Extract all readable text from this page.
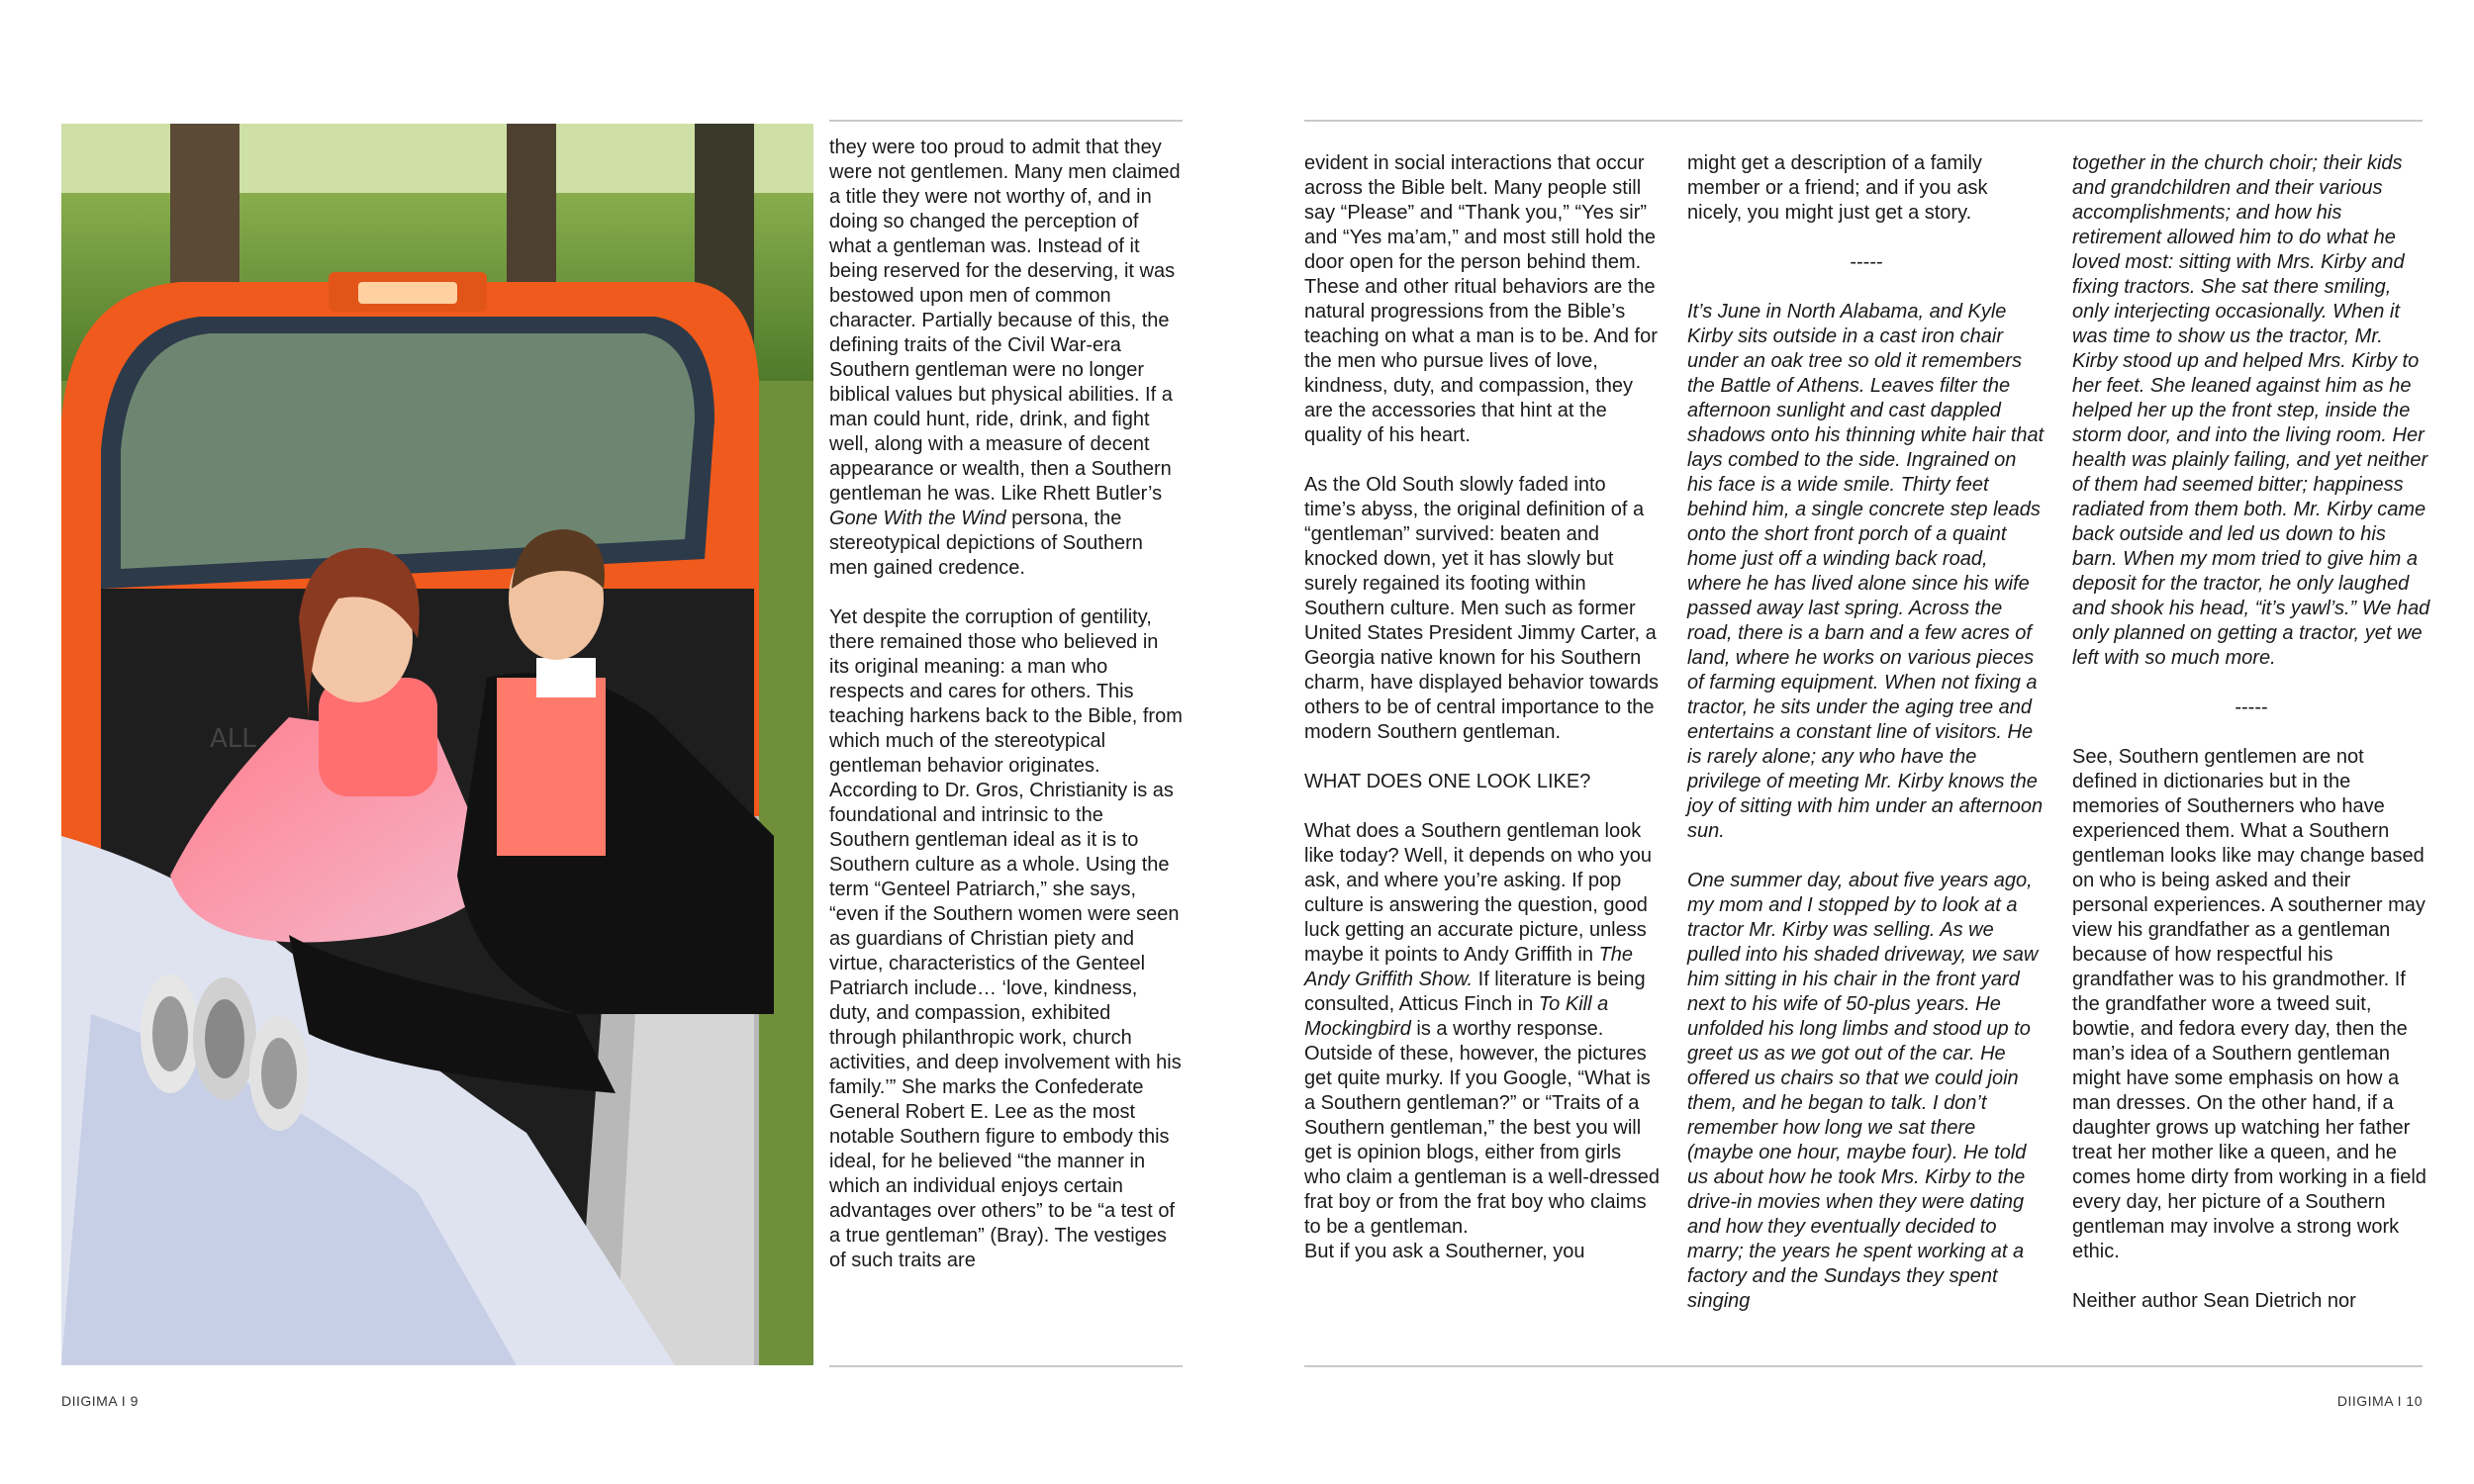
ALL

they were too proud to admit that they were not gentlemen. Many men claimed a title they were not worthy of, and in doing so changed the perception of what a gentleman was. Instead of it being reserved for the deserving, it was bestowed upon men of common character. Partially because of this, the defining traits of the Civil War-era Southern gentleman were no longer biblical values but physical abilities. If a man could hunt, ride, drink, and fight well, along with a measure of decent appearance or wealth, then a Southern gentleman he was. Like Rhett Butler’s Gone With the Wind persona, the stereotypical depictions of Southern men gained credence.

Yet despite the corruption of gentility, there remained those who believed in its original meaning: a man who respects and cares for others. This teaching harkens back to the Bible, from which much of the stereotypical gentleman behavior originates. According to Dr. Gros, Christianity is as foundational and intrinsic to the Southern gentleman ideal as it is to Southern culture as a whole. Using the term “Genteel Patriarch,” she says, “even if the Southern women were seen as guardians of Christian piety and virtue, characteristics of the Genteel Patriarch include… ‘love, kindness, duty, and compassion, exhibited through philanthropic work, church activities, and deep involvement with his family.’” She marks the Confederate General Robert E. Lee as the most notable Southern figure to embody this ideal, for he believed “the manner in which an individual enjoys certain advantages over others” to be “a test of a true gentleman” (Bray). The vestiges of such traits are

evident in social interactions that occur across the Bible belt. Many people still say “Please” and “Thank you,” “Yes sir” and “Yes ma’am,” and most still hold the door open for the person behind them. These and other ritual behaviors are the natural progressions from the Bible’s teaching on what a man is to be. And for the men who pursue lives of love, kindness, duty, and compassion, they are the accessories that hint at the quality of his heart.

As the Old South slowly faded into time’s abyss, the original definition of a “gentleman” survived: beaten and knocked down, yet it has slowly but surely regained its footing within Southern culture. Men such as former United States President Jimmy Carter, a Georgia native known for his Southern charm, have displayed behavior towards others to be of central importance to the modern Southern gentleman.

WHAT DOES ONE LOOK LIKE?

What does a Southern gentleman look like today? Well, it depends on who you ask, and where you’re asking. If pop culture is answering the question, good luck getting an accurate picture, unless maybe it points to Andy Griffith in The Andy Griffith Show. If literature is being consulted, Atticus Finch in To Kill a Mockingbird is a worthy response. Outside of these, however, the pictures get quite murky. If you Google, “What is a Southern gentleman?” or “Traits of a Southern gentleman,” the best you will get is opinion blogs, either from girls who claim a gentleman is a well-dressed frat boy or from the frat boy who claims to be a gentleman.
But if you ask a Southerner, you

might get a description of a family member or a friend; and if you ask nicely, you might just get a story.

-----

It’s June in North Alabama, and Kyle Kirby sits outside in a cast iron chair under an oak tree so old it remembers the Battle of Athens. Leaves filter the afternoon sunlight and cast dappled shadows onto his thinning white hair that lays combed to the side. Ingrained on his face is a wide smile. Thirty feet behind him, a single concrete step leads onto the short front porch of a quaint home just off a winding back road, where he has lived alone since his wife passed away last spring. Across the road, there is a barn and a few acres of land, where he works on various pieces of farming equipment. When not fixing a tractor, he sits under the aging tree and entertains a constant line of visitors. He is rarely alone; any who have the privilege of meeting Mr. Kirby knows the joy of sitting with him under an afternoon sun.

One summer day, about five years ago, my mom and I stopped by to look at a tractor Mr. Kirby was selling. As we pulled into his shaded driveway, we saw him sitting in his chair in the front yard next to his wife of 50-plus years. He unfolded his long limbs and stood up to greet us as we got out of the car. He offered us chairs so that we could join them, and he began to talk. I don’t remember how long we sat there (maybe one hour, maybe four). He told us about how he took Mrs. Kirby to the drive-in movies when they were dating and how they eventually decided to marry; the years he spent working at a factory and the Sundays they spent singing

together in the church choir; their kids and grandchildren and their various accomplishments; and how his retirement allowed him to do what he loved most: sitting with Mrs. Kirby and fixing tractors. She sat there smiling, only interjecting occasionally. When it was time to show us the tractor, Mr. Kirby stood up and helped Mrs. Kirby to her feet. She leaned against him as he helped her up the front step, inside the storm door, and into the living room. Her health was plainly failing, and yet neither of them had seemed bitter; happiness radiated from them both. Mr. Kirby came back outside and led us down to his barn. When my mom tried to give him a deposit for the tractor, he only laughed and shook his head, “it’s yawl’s.” We had only planned on getting a tractor, yet we left with so much more.

-----

See, Southern gentlemen are not defined in dictionaries but in the memories of Southerners who have experienced them. What a Southern gentleman looks like may change based on who is being asked and their personal experiences. A southerner may view his grandfather as a gentleman because of how respectful his grandfather was to his grandmother. If the grandfather wore a tweed suit, bowtie, and fedora every day, then the man’s idea of a Southern gentleman might have some emphasis on how a man dresses. On the other hand, if a daughter grows up watching her father treat her mother like a queen, and he comes home dirty from working in a field every day, her picture of a Southern gentleman may involve a strong work ethic.

Neither author Sean Dietrich nor

DIIGIMA I 9	DIIGIMA I 10
